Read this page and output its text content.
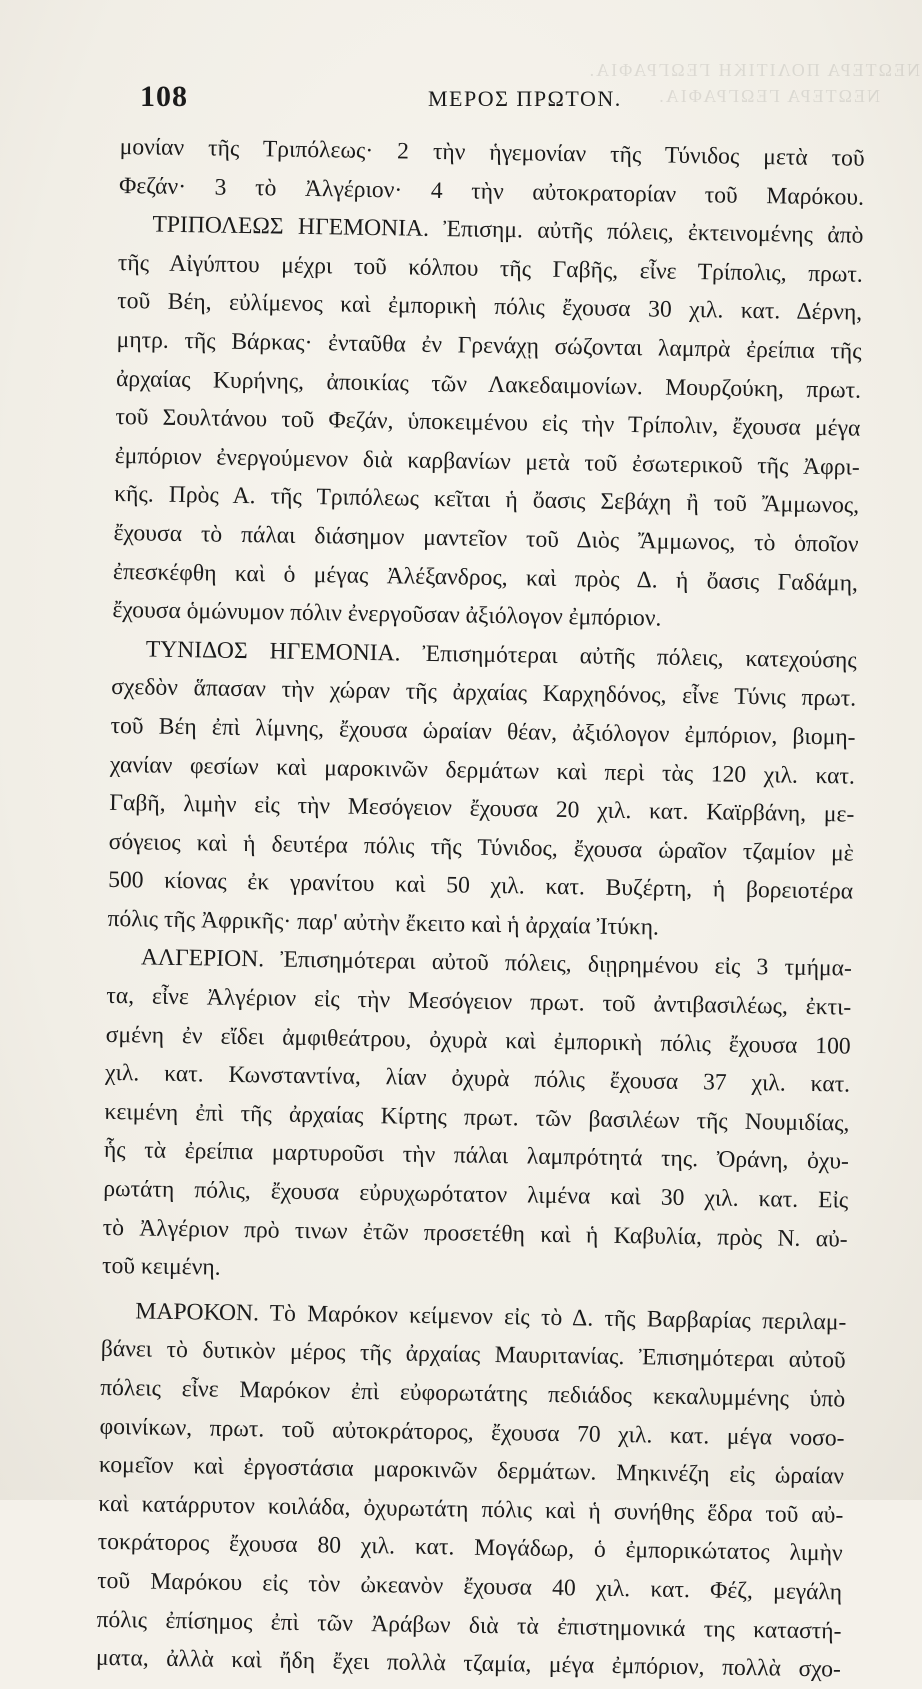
ΝΕΩΤΕΡΑ ΠΟΛΙΤΙΚΗ ΓΕΩΓΡΑΦΙΑ.
ΝΕΩΤΕΡΑ ΓΕΩΓΡΑΦΙΑ.
108	ΜΕΡΟΣ ΠΡΩΤΟΝ.
μονίαν τῆς Τριπόλεως· 2 τὴν ἡγεμονίαν τῆς Τύνιδος μετὰ τοῦ
Φεζάν· 3 τὸ Ἀλγέριον· 4 τὴν αὐτοκρατορίαν τοῦ Μαρόκου.
ΤΡΙΠΟΛΕΩΣ ΗΓΕΜΟΝΙΑ. Ἐπισημ. αὐτῆς πόλεις, ἐκτεινομένης ἀπὸ
τῆς Αἰγύπτου μέχρι τοῦ κόλπου τῆς Γαβῆς, εἶνε Τρίπολις, πρωτ.
τοῦ Βέη, εὐλίμενος καὶ ἐμπορικὴ πόλις ἔχουσα 30 χιλ. κατ. Δέρνη,
μητρ. τῆς Βάρκας· ἐνταῦθα ἐν Γρενάχῃ σώζονται λαμπρὰ ἐρείπια τῆς
ἀρχαίας Κυρήνης, ἀποικίας τῶν Λακεδαιμονίων. Μουρζούκη, πρωτ.
τοῦ Σουλτάνου τοῦ Φεζάν, ὑποκειμένου εἰς τὴν Τρίπολιν, ἔχουσα μέγα
ἐμπόριον ἐνεργούμενον διὰ καρβανίων μετὰ τοῦ ἐσωτερικοῦ τῆς Ἀφρι-
κῆς. Πρὸς Α. τῆς Τριπόλεως κεῖται ἡ ὄασις Σεβάχη ἢ τοῦ Ἄμμωνος,
ἔχουσα τὸ πάλαι διάσημον μαντεῖον τοῦ Διὸς Ἄμμωνος, τὸ ὁποῖον
ἐπεσκέφθη καὶ ὁ μέγας Ἀλέξανδρος, καὶ πρὸς Δ. ἡ ὄασις Γαδάμη,
ἔχουσα ὁμώνυμον πόλιν ἐνεργοῦσαν ἀξιόλογον ἐμπόριον.
ΤΥΝΙΔΟΣ ΗΓΕΜΟΝΙΑ. Ἐπισημότεραι αὐτῆς πόλεις, κατεχούσης
σχεδὸν ἅπασαν τὴν χώραν τῆς ἀρχαίας Καρχηδόνος, εἶνε Τύνις πρωτ.
τοῦ Βέη ἐπὶ λίμνης, ἔχουσα ὡραίαν θέαν, ἀξιόλογον ἐμπόριον, βιομη-
χανίαν φεσίων καὶ μαροκινῶν δερμάτων καὶ περὶ τὰς 120 χιλ. κατ.
Γαβῆ, λιμὴν εἰς τὴν Μεσόγειον ἔχουσα 20 χιλ. κατ. Καϊρβάνη, με-
σόγειος καὶ ἡ δευτέρα πόλις τῆς Τύνιδος, ἔχουσα ὡραῖον τζαμίον μὲ
500 κίονας ἐκ γρανίτου καὶ 50 χιλ. κατ. Βυζέρτη, ἡ βορειοτέρα
πόλις τῆς Ἀφρικῆς· παρ' αὐτὴν ἔκειτο καὶ ἡ ἀρχαία Ἰτύκη.
ΑΛΓΕΡΙΟΝ. Ἐπισημότεραι αὐτοῦ πόλεις, διῃρημένου εἰς 3 τμήμα-
τα, εἶνε Ἀλγέριον εἰς τὴν Μεσόγειον πρωτ. τοῦ ἀντιβασιλέως, ἐκτι-
σμένη ἐν εἴδει ἀμφιθεάτρου, ὀχυρὰ καὶ ἐμπορικὴ πόλις ἔχουσα 100
χιλ. κατ. Κωνσταντίνα, λίαν ὀχυρὰ πόλις ἔχουσα 37 χιλ. κατ.
κειμένη ἐπὶ τῆς ἀρχαίας Κίρτης πρωτ. τῶν βασιλέων τῆς Νουμιδίας,
ἧς τὰ ἐρείπια μαρτυροῦσι τὴν πάλαι λαμπρότητά της. Ὀράνη, ὀχυ-
ρωτάτη πόλις, ἔχουσα εὐρυχωρότατον λιμένα καὶ 30 χιλ. κατ. Εἰς
τὸ Ἀλγέριον πρὸ τινων ἐτῶν προσετέθη καὶ ἡ Καβυλία, πρὸς Ν. αὐ-
τοῦ κειμένη.
ΜΑΡΟΚΟΝ. Τὸ Μαρόκον κείμενον εἰς τὸ Δ. τῆς Βαρβαρίας περιλαμ-
βάνει τὸ δυτικὸν μέρος τῆς ἀρχαίας Μαυριτανίας. Ἐπισημότεραι αὐτοῦ
πόλεις εἶνε Μαρόκον ἐπὶ εὐφορωτάτης πεδιάδος κεκαλυμμένης ὑπὸ
φοινίκων, πρωτ. τοῦ αὐτοκράτορος, ἔχουσα 70 χιλ. κατ. μέγα νοσο-
κομεῖον καὶ ἐργοστάσια μαροκινῶν δερμάτων. Μηκινέζη εἰς ὡραίαν
καὶ κατάρρυτον κοιλάδα, ὀχυρωτάτη πόλις καὶ ἡ συνήθης ἕδρα τοῦ αὐ-
τοκράτορος ἔχουσα 80 χιλ. κατ. Μογάδωρ, ὁ ἐμπορικώτατος λιμὴν
τοῦ Μαρόκου εἰς τὸν ὠκεανὸν ἔχουσα 40 χιλ. κατ. Φέζ, μεγάλη
πόλις ἐπίσημος ἐπὶ τῶν Ἀράβων διὰ τὰ ἐπιστημονικά της καταστή-
ματα, ἀλλὰ καὶ ἤδη ἔχει πολλὰ τζαμία, μέγα ἐμπόριον, πολλὰ σχο-
